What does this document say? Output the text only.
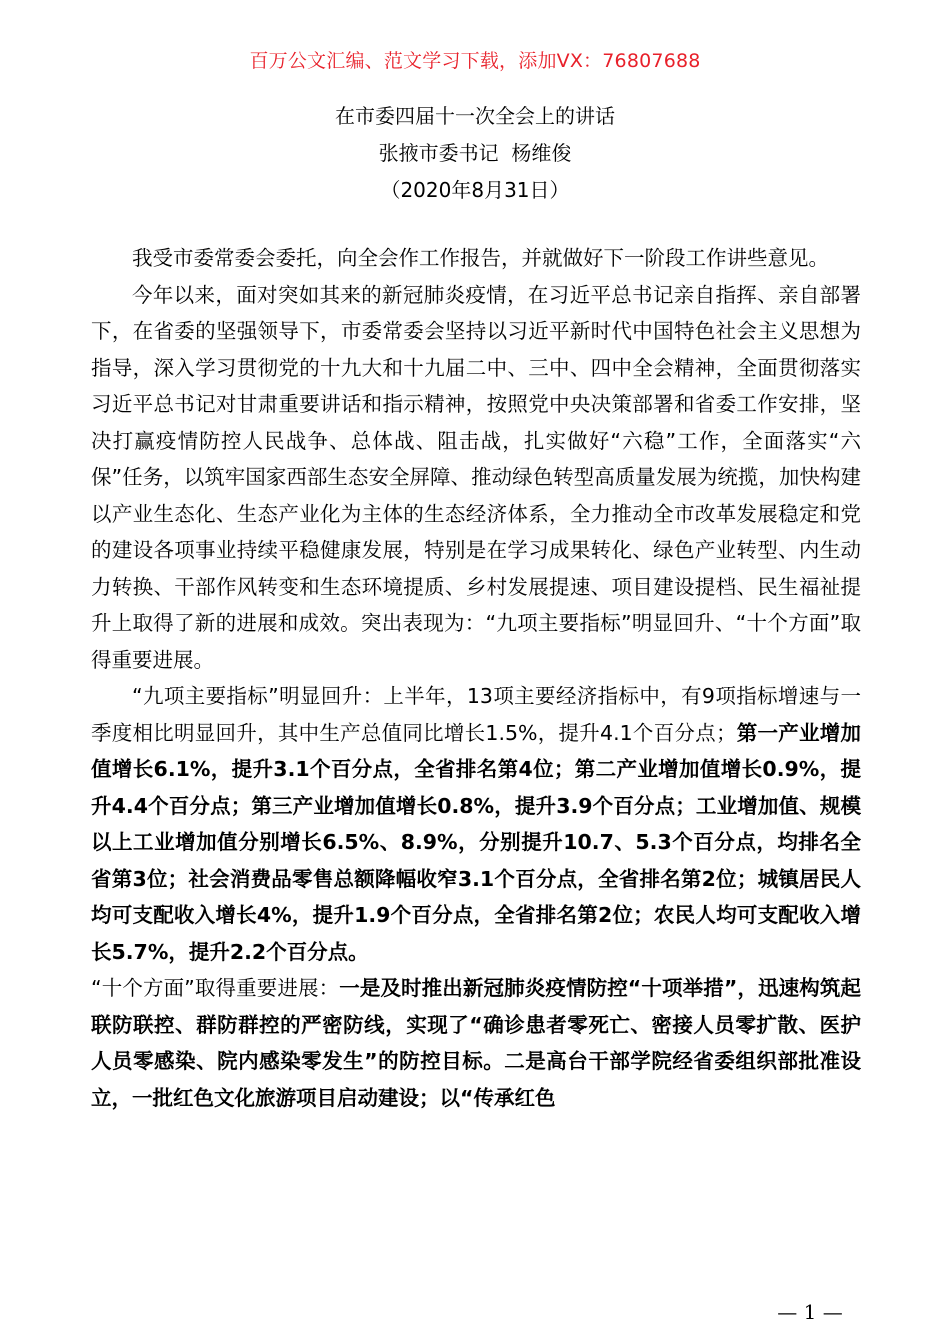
百万公文汇编、范文学习下载，添加VX：76807688
在市委四届十一次全会上的讲话
张掖市委书记  杨维俊
（2020年8月31日）

我受市委常委会委托，向全会作工作报告，并就做好下一阶段工作讲些意见。

今年以来，面对突如其来的新冠肺炎疫情，在习近平总书记亲自指挥、亲自部署下，在省委的坚强领导下，市委常委会坚持以习近平新时代中国特色社会主义思想为指导，深入学习贯彻党的十九大和十九届二中、三中、四中全会精神，全面贯彻落实习近平总书记对甘肃重要讲话和指示精神，按照党中央决策部署和省委工作安排，坚决打赢疫情防控人民战争、总体战、阻击战，扎实做好“六稳”工作，全面落实“六保”任务，以筑牢国家西部生态安全屏障、推动绿色转型高质量发展为统揽，加快构建以产业生态化、生态产业化为主体的生态经济体系，全力推动全市改革发展稳定和党的建设各项事业持续平稳健康发展，特别是在学习成果转化、绿色产业转型、内生动力转换、干部作风转变和生态环境提质、乡村发展提速、项目建设提档、民生福祉提升上取得了新的进展和成效。突出表现为：“九项主要指标”明显回升、“十个方面”取得重要进展。

“九项主要指标”明显回升：上半年，13项主要经济指标中，有9项指标增速与一季度相比明显回升，其中生产总值同比增长1.5%，提升4.1个百分点；第一产业增加值增长6.1%，提升3.1个百分点，全省排名第4位；第二产业增加值增长0.9%，提升4.4个百分点；第三产业增加值增长0.8%，提升3.9个百分点；工业增加值、规模以上工业增加值分别增长6.5%、8.9%，分别提升10.7、5.3个百分点，均排名全省第3位；社会消费品零售总额降幅收窄3.1个百分点，全省排名第2位；城镇居民人均可支配收入增长4%，提升1.9个百分点，全省排名第2位；农民人均可支配收入增长5.7%，提升2.2个百分点。

“十个方面”取得重要进展：一是及时推出新冠肺炎疫情防控“十项举措”，迅速构筑起联防联控、群防群控的严密防线，实现了“确诊患者零死亡、密接人员零扩散、医护人员零感染、院内感染零发生”的防控目标。二是高台干部学院经省委组织部批准设立，一批红色文化旅游项目启动建设；以“传承红色

— 1 —
